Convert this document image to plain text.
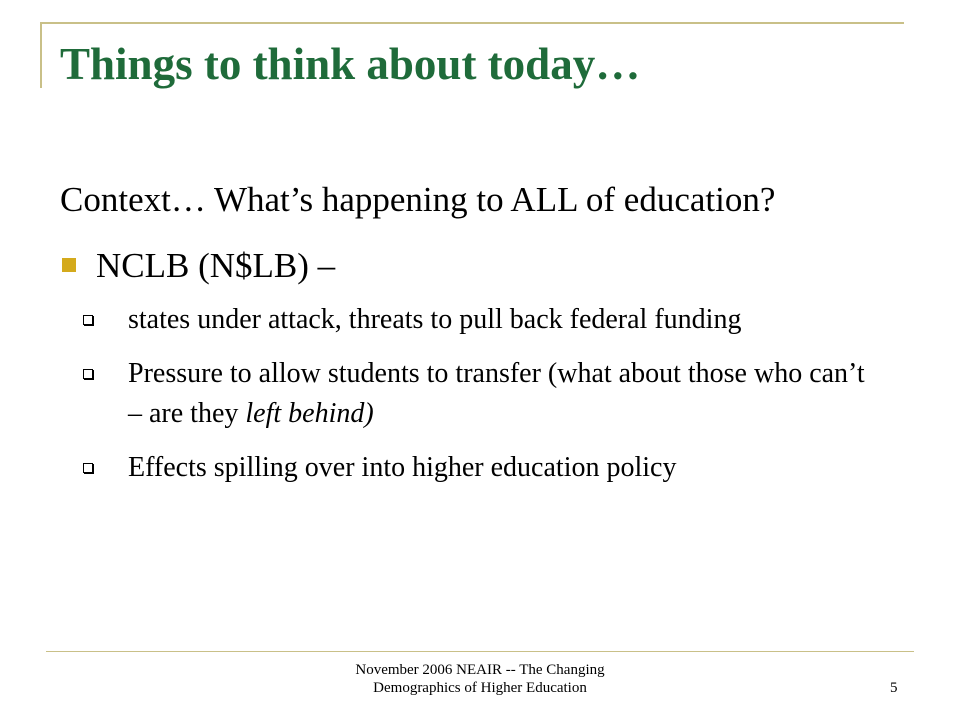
Things to think about today…

Context… What’s happening to ALL of education?

NCLB (N$LB) –
states under attack, threats to pull back federal funding
Pressure to allow students to transfer (what about those who can’t – are they left behind)
Effects spilling over into higher education policy
November 2006 NEAIR -- The Changing
Demographics of Higher Education	5
